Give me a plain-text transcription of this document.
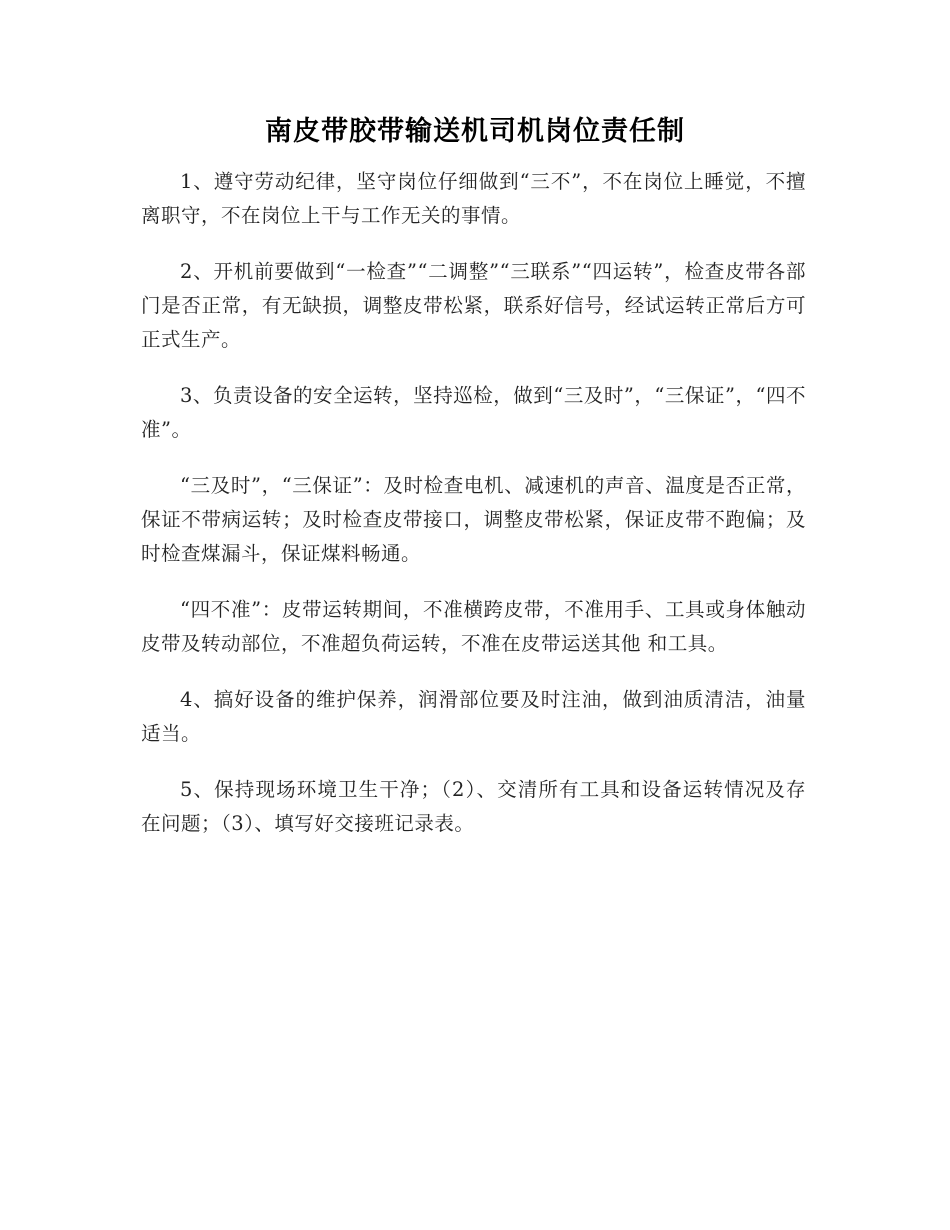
南皮带胶带输送机司机岗位责任制

1、遵守劳动纪律，坚守岗位仔细做到“三不”，不在岗位上睡觉，不擅离职守，不在岗位上干与工作无关的事情。

2、开机前要做到“一检查”“二调整”“三联系”“四运转”，检查皮带各部门是否正常，有无缺损，调整皮带松紧，联系好信号，经试运转正常后方可正式生产。

3、负责设备的安全运转，坚持巡检，做到“三及时”，“三保证”，“四不准”。

“三及时”，“三保证”：及时检查电机、减速机的声音、温度是否正常，保证不带病运转；及时检查皮带接口，调整皮带松紧，保证皮带不跑偏；及时检查煤漏斗，保证煤料畅通。

“四不准”：皮带运转期间，不准横跨皮带，不准用手、工具或身体触动皮带及转动部位，不准超负荷运转，不准在皮带运送其他 和工具。

4、搞好设备的维护保养，润滑部位要及时注油，做到油质清洁，油量适当。

5、保持现场环境卫生干净；（2）、交清所有工具和设备运转情况及存在问题；（3）、填写好交接班记录表。
